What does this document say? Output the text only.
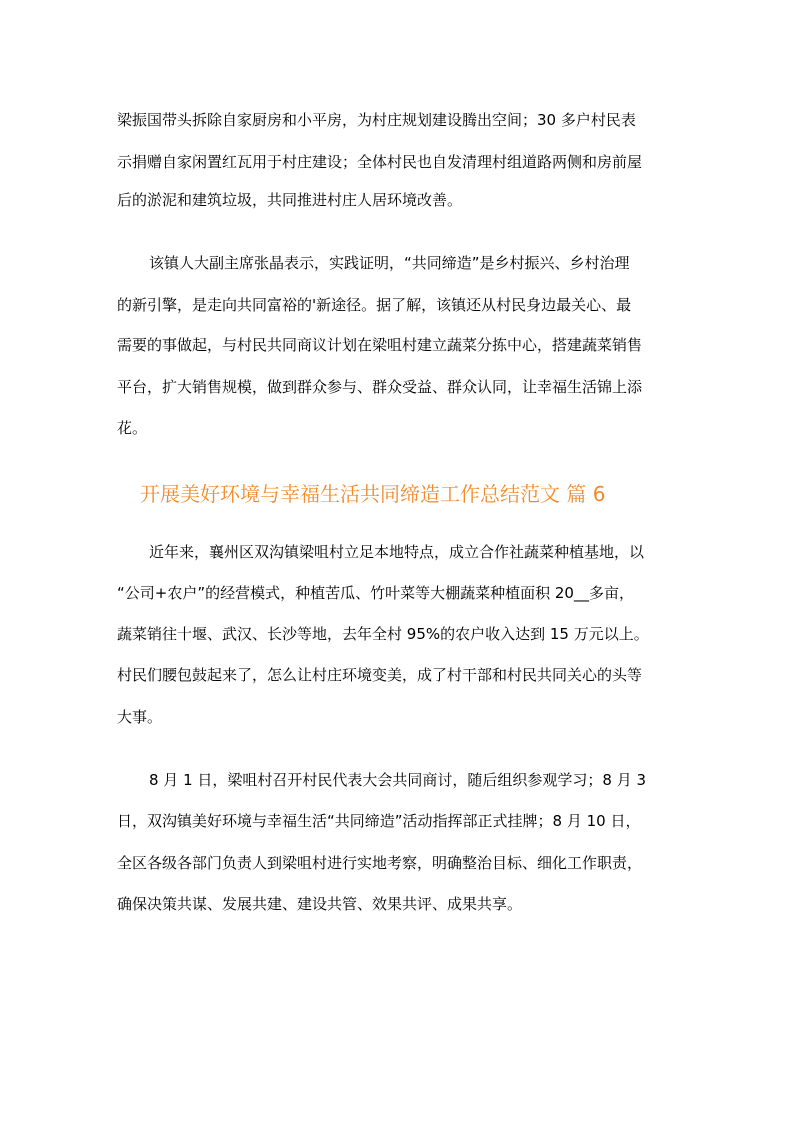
梁振国带头拆除自家厨房和小平房，为村庄规划建设腾出空间；30 多户村民表
示捐赠自家闲置红瓦用于村庄建设；全体村民也自发清理村组道路两侧和房前屋
后的淤泥和建筑垃圾，共同推进村庄人居环境改善。
该镇人大副主席张晶表示，实践证明，“共同缔造”是乡村振兴、乡村治理
的新引擎，是走向共同富裕的'新途径。据了解，该镇还从村民身边最关心、最
需要的事做起，与村民共同商议计划在梁咀村建立蔬菜分拣中心，搭建蔬菜销售
平台，扩大销售规模，做到群众参与、群众受益、群众认同，让幸福生活锦上添
花。
开展美好环境与幸福生活共同缔造工作总结范文 篇 6
近年来，襄州区双沟镇梁咀村立足本地特点，成立合作社蔬菜种植基地，以
“公司+农户”的经营模式，种植苦瓜、竹叶菜等大棚蔬菜种植面积 20__多亩，
蔬菜销往十堰、武汉、长沙等地，去年全村 95%的农户收入达到 15 万元以上。
村民们腰包鼓起来了，怎么让村庄环境变美，成了村干部和村民共同关心的头等
大事。
8 月 1 日，梁咀村召开村民代表大会共同商讨，随后组织参观学习；8 月 3
日，双沟镇美好环境与幸福生活“共同缔造”活动指挥部正式挂牌；8 月 10 日，
全区各级各部门负责人到梁咀村进行实地考察，明确整治目标、细化工作职责，
确保决策共谋、发展共建、建设共管、效果共评、成果共享。
